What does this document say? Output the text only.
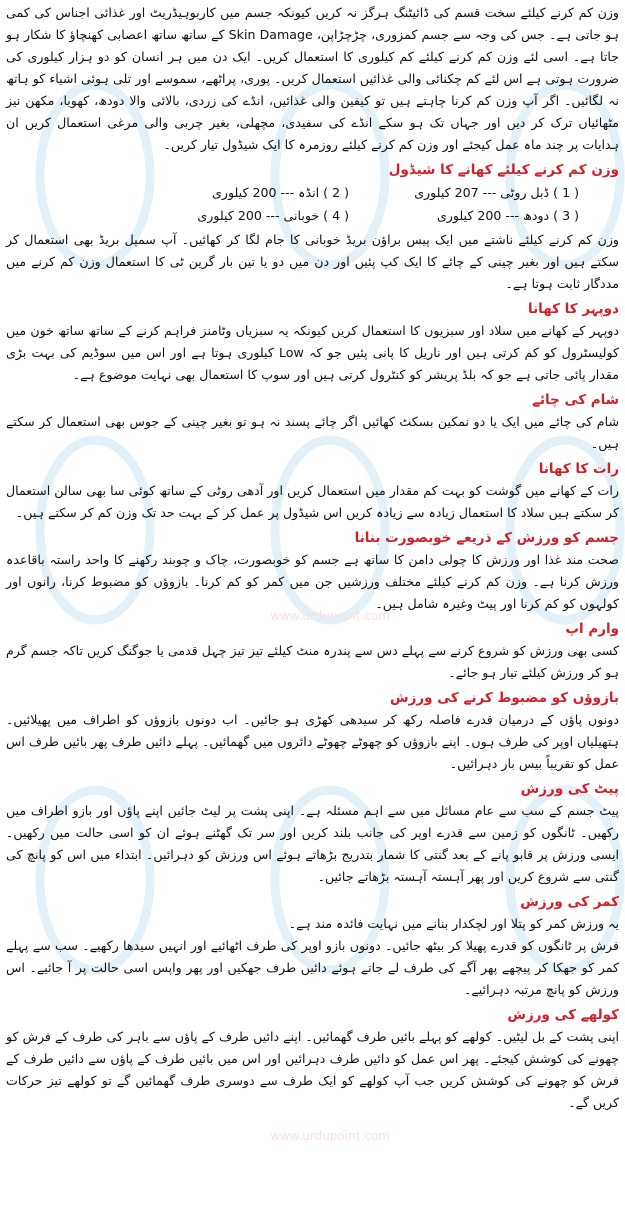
www.urdupoint.com
www.urdupoint.com

وزن کم کرنے کیلئے سخت قسم کی ڈائیٹنگ ہرگز نہ کریں کیونکہ جسم میں کاربوہیڈریٹ اور غذائی اجناس کی کمی ہو جاتی ہے۔ جس کی وجہ سے جسم کمزوری، چڑچڑاپن، Skin Damage کے ساتھ ساتھ اعصابی کھنچاؤ کا شکار ہو جاتا ہے۔ اسی لئے وزن کم کرنے کیلئے کم کیلوری کا استعمال کریں۔ ایک دن میں ہر انسان کو دو ہزار کیلوری کی ضرورت ہوتی ہے اس لئے کم چکنائی والی غذائیں استعمال کریں۔ پوری، پراٹھے، سموسے اور تلی ہوئی اشیاء کو ہاتھ نہ لگائیں۔ اگر آپ وزن کم کرنا چاہتے ہیں تو کیفین والی غذائیں، انڈے کی زردی، بالائی والا دودھ، کھویا، مکھن نیز مٹھائیاں ترک کر دیں اور جہاں تک ہو سکے انڈے کی سفیدی، مچھلی، بغیر چربی والی مرغی استعمال کریں ان ہدایات پر چند ماہ عمل کیجئے اور وزن کم کرنے کیلئے روزمرہ کا ایک شیڈول تیار کریں۔

وزن کم کرنے کیلئے کھانے کا شیڈول
( 1 ) ڈبل روٹی --- 207 کیلوری
( 2 ) انڈہ --- 200 کیلوری
( 3 ) دودھ --- 200 کیلوری
( 4 ) خوبانی --- 200 کیلوری

وزن کم کرنے کیلئے ناشتے میں ایک پیس براؤن بریڈ خوبانی کا جام لگا کر کھائیں۔ آپ سمپل بریڈ بھی استعمال کر سکتے ہیں اور بغیر چینی کے چائے کا ایک کپ پئیں اور دن میں دو یا تین بار گرین ٹی کا استعمال وزن کم کرنے میں مددگار ثابت ہوتا ہے۔

دوپہر کا کھانا

دوپہر کے کھانے میں سلاد اور سبزیوں کا استعمال کریں کیونکہ یہ سبزیاں وٹامنز فراہم کرنے کے ساتھ ساتھ خون میں کولیسٹرول کو کم کرتی ہیں اور ناریل کا پانی پئیں جو کہ Low کیلوری ہوتا ہے اور اس میں سوڈیم کی بہت بڑی مقدار پائی جاتی ہے جو کہ بلڈ پریشر کو کنٹرول کرتی ہیں اور سوپ کا استعمال بھی نہایت موضوع ہے۔

شام کی چائے

شام کی چائے میں ایک یا دو نمکین بسکٹ کھائیں اگر چائے پسند نہ ہو تو بغیر چینی کے جوس بھی استعمال کر سکتے ہیں۔

رات کا کھانا

رات کے کھانے میں گوشت کو بہت کم مقدار میں استعمال کریں اور آدھی روٹی کے ساتھ کوئی سا بھی سالن استعمال کر سکتے ہیں سلاد کا استعمال زیادہ سے زیادہ کریں اس شیڈول پر عمل کر کے بہت حد تک وزن کم کر سکتے ہیں۔

جسم کو ورزش کے ذریعے خوبصورت بنانا

صحت مند غذا اور ورزش کا چولی دامن کا ساتھ ہے جسم کو خوبصورت، چاک و چوبند رکھنے کا واحد راستہ باقاعدہ ورزش کرنا ہے۔ وزن کم کرنے کیلئے مختلف ورزشیں جن میں کمر کو کم کرنا۔ بازوؤں کو مضبوط کرنا، رانوں اور کولہوں کو کم کرنا اور پیٹ وغیرہ شامل ہیں۔

وارم اپ

کسی بھی ورزش کو شروع کرنے سے پہلے دس سے پندرہ منٹ کیلئے تیز تیز چہل قدمی یا جوگنگ کریں تاکہ جسم گرم ہو کر ورزش کیلئے تیار ہو جائے۔

بازوؤں کو مضبوط کرنے کی ورزش

دونوں پاؤں کے درمیان قدرے فاصلہ رکھ کر سیدھی کھڑی ہو جائیں۔ اب دونوں بازوؤں کو اطراف میں پھیلائیں۔ ہتھیلیاں اوپر کی طرف ہوں۔ اپنے بازوؤں کو چھوٹے چھوٹے دائروں میں گھمائیں۔ پہلے دائیں طرف پھر بائیں طرف اس عمل کو تقریباً بیس بار دہرائیں۔

پیٹ کی ورزش

پیٹ جسم کے سب سے عام مسائل میں سے اہم مسئلہ ہے۔ اپنی پشت پر لیٹ جائیں اپنے پاؤں اور بازو اطراف میں رکھیں۔ ٹانگوں کو زمین سے قدرے اوپر کی جانب بلند کریں اور سر تک گھٹنے ہوئے ان کو اسی حالت میں رکھیں۔ ایسی ورزش پر قابو پانے کے بعد گنتی کا شمار بتدریج بڑھاتے ہوئے اس ورزش کو دہرائیں۔ ابتداء میں اس کو پانچ کی گنتی سے شروع کریں اور پھر آہستہ آہستہ بڑھاتے جائیں۔

کمر کی ورزش

یہ ورزش کمر کو پتلا اور لچکدار بنانے میں نہایت فائدہ مند ہے۔

فرش پر ٹانگوں کو قدرے پھیلا کر بیٹھ جائیں۔ دونوں بازو اوپر کی طرف اٹھائیے اور انہیں سیدھا رکھیے۔ سب سے پہلے کمر کو جھکا کر پیچھے پھر آگے کی طرف لے جاتے ہوئے دائیں طرف جھکیں اور پھر واپس اسی حالت پر آ جائیے۔ اس ورزش کو پانچ مرتبہ دہرائیے۔

کولھے کی ورزش

اپنی پشت کے بل لیٹیں۔ کولھے کو پہلے بائیں طرف گھمائیں۔ اپنے دائیں طرف کے پاؤں سے باہر کی طرف کے فرش کو چھونے کی کوشش کیجئے۔ پھر اس عمل کو دائیں طرف دہرائیں اور اس میں بائیں طرف کے پاؤں سے دائیں طرف کے فرش کو چھونے کی کوشش کریں جب آپ کولھے کو ایک طرف سے دوسری طرف گھمائیں گے تو کولھے تیز حرکات کریں گے۔
